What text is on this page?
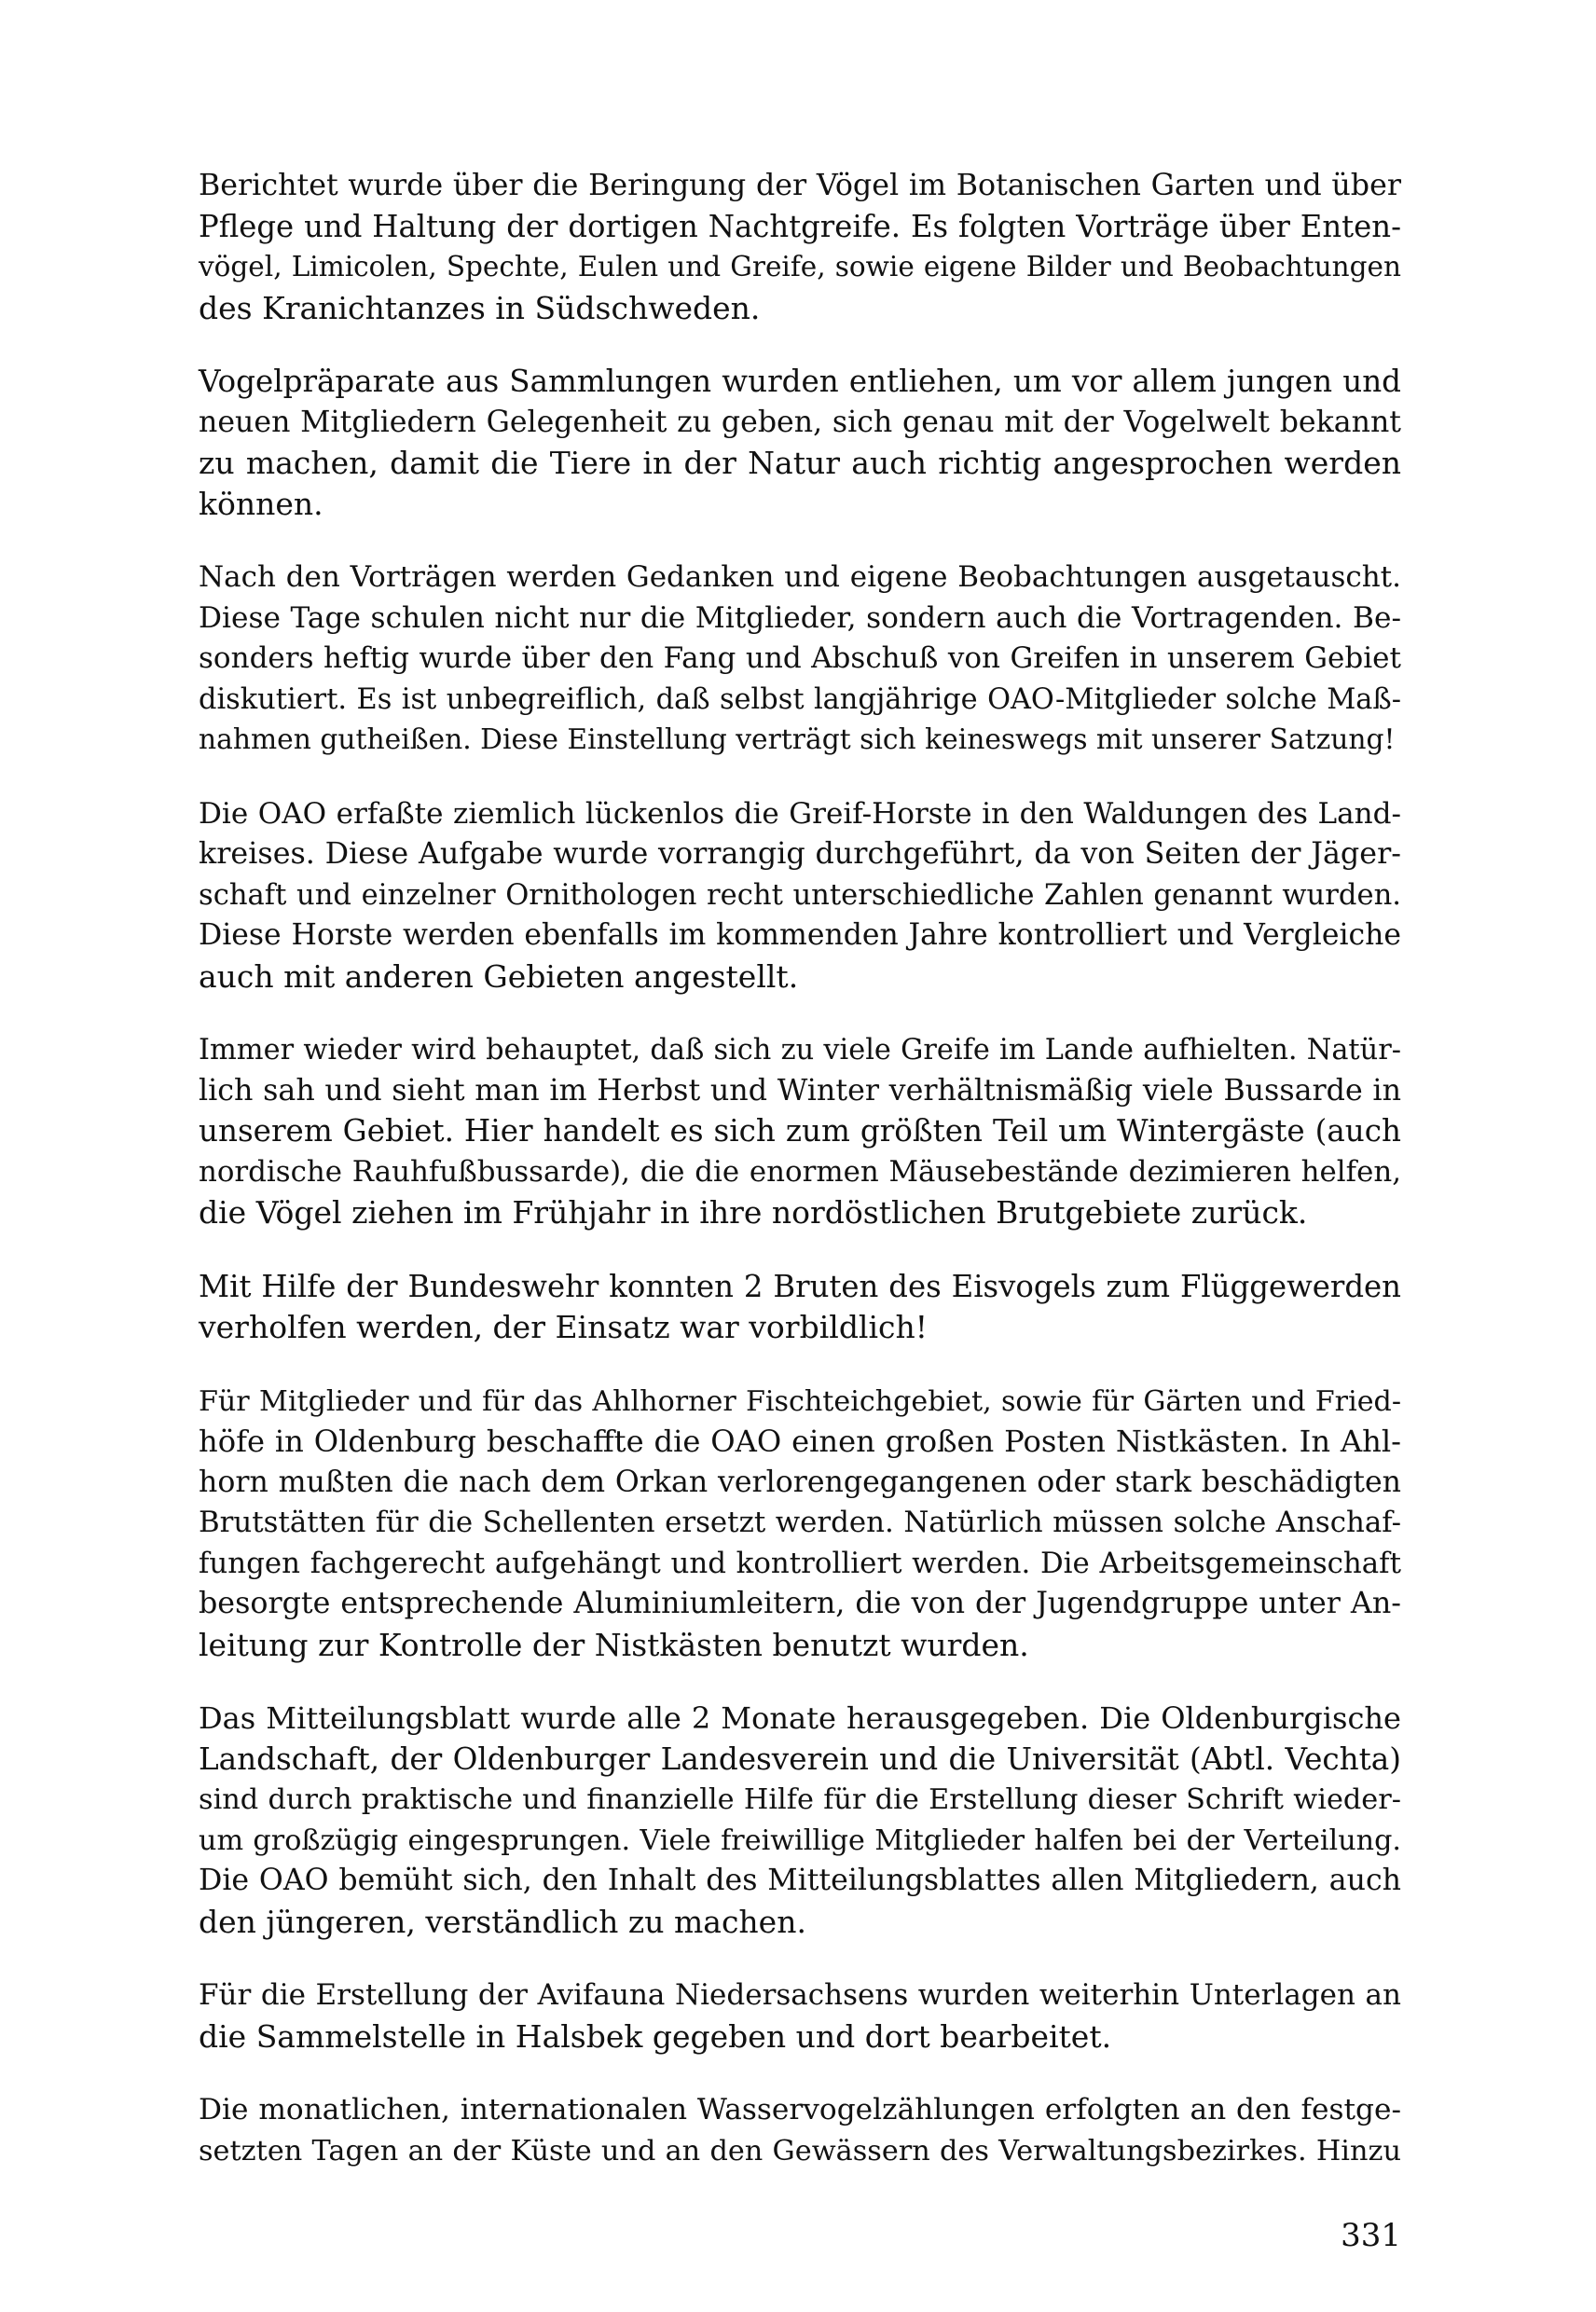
Berichtet wurde über die Beringung der Vögel im Botanischen Garten und über
Pflege und Haltung der dortigen Nachtgreife. Es folgten Vorträge über Enten-
vögel, Limicolen, Spechte, Eulen und Greife, sowie eigene Bilder und Beobachtungen
des Kranichtanzes in Südschweden.

Vogelpräparate aus Sammlungen wurden entliehen, um vor allem jungen und
neuen Mitgliedern Gelegenheit zu geben, sich genau mit der Vogelwelt bekannt
zu machen, damit die Tiere in der Natur auch richtig angesprochen werden
können.

Nach den Vorträgen werden Gedanken und eigene Beobachtungen ausgetauscht.
Diese Tage schulen nicht nur die Mitglieder, sondern auch die Vortragenden. Be-
sonders heftig wurde über den Fang und Abschuß von Greifen in unserem Gebiet
diskutiert. Es ist unbegreiflich, daß selbst langjährige OAO-Mitglieder solche Maß-
nahmen gutheißen. Diese Einstellung verträgt sich keineswegs mit unserer Satzung!

Die OAO erfaßte ziemlich lückenlos die Greif-Horste in den Waldungen des Land-
kreises. Diese Aufgabe wurde vorrangig durchgeführt, da von Seiten der Jäger-
schaft und einzelner Ornithologen recht unterschiedliche Zahlen genannt wurden.
Diese Horste werden ebenfalls im kommenden Jahre kontrolliert und Vergleiche
auch mit anderen Gebieten angestellt.

Immer wieder wird behauptet, daß sich zu viele Greife im Lande aufhielten. Natür-
lich sah und sieht man im Herbst und Winter verhältnismäßig viele Bussarde in
unserem Gebiet. Hier handelt es sich zum größten Teil um Wintergäste (auch
nordische Rauhfußbussarde), die die enormen Mäusebestände dezimieren helfen,
die Vögel ziehen im Frühjahr in ihre nordöstlichen Brutgebiete zurück.

Mit Hilfe der Bundeswehr konnten 2 Bruten des Eisvogels zum Flüggewerden
verholfen werden, der Einsatz war vorbildlich!

Für Mitglieder und für das Ahlhorner Fischteichgebiet, sowie für Gärten und Fried-
höfe in Oldenburg beschaffte die OAO einen großen Posten Nistkästen. In Ahl-
horn mußten die nach dem Orkan verlorengegangenen oder stark beschädigten
Brutstätten für die Schellenten ersetzt werden. Natürlich müssen solche Anschaf-
fungen fachgerecht aufgehängt und kontrolliert werden. Die Arbeitsgemeinschaft
besorgte entsprechende Aluminiumleitern, die von der Jugendgruppe unter An-
leitung zur Kontrolle der Nistkästen benutzt wurden.

Das Mitteilungsblatt wurde alle 2 Monate herausgegeben. Die Oldenburgische
Landschaft, der Oldenburger Landesverein und die Universität (Abtl. Vechta)
sind durch praktische und finanzielle Hilfe für die Erstellung dieser Schrift wieder-
um großzügig eingesprungen. Viele freiwillige Mitglieder halfen bei der Verteilung.
Die OAO bemüht sich, den Inhalt des Mitteilungsblattes allen Mitgliedern, auch
den jüngeren, verständlich zu machen.

Für die Erstellung der Avifauna Niedersachsens wurden weiterhin Unterlagen an
die Sammelstelle in Halsbek gegeben und dort bearbeitet.

Die monatlichen, internationalen Wasservogelzählungen erfolgten an den festge-
setzten Tagen an der Küste und an den Gewässern des Verwaltungsbezirkes. Hinzu

331
